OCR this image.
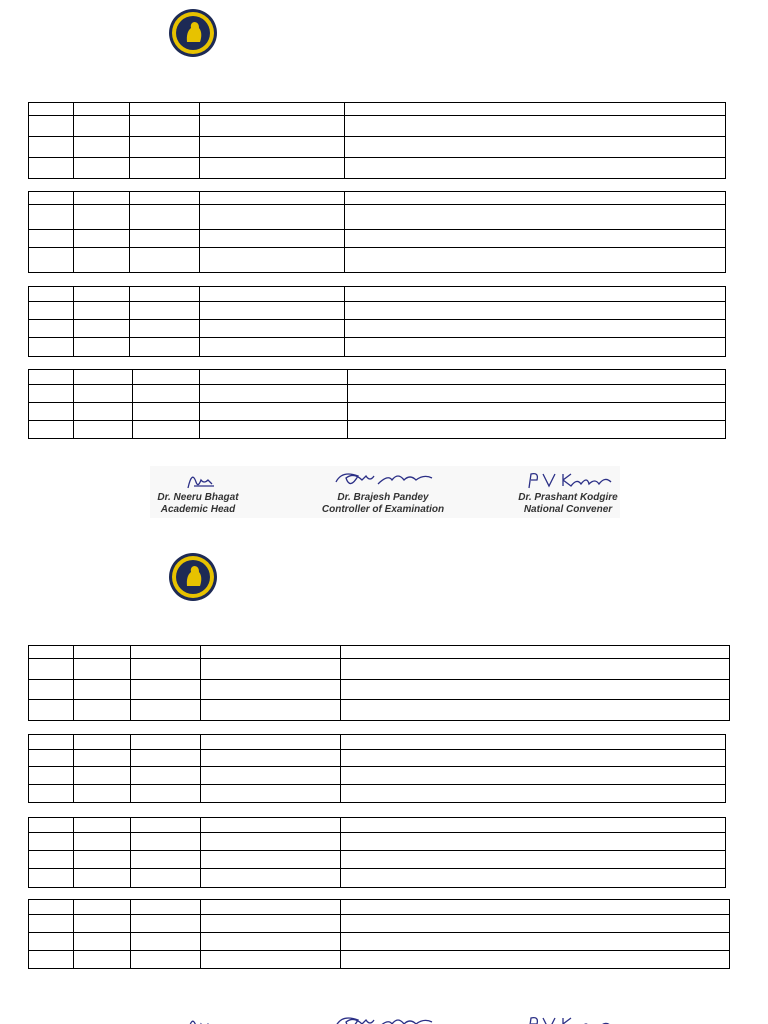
Dr. Neeru Bhagat
Academic Head
Dr. Brajesh Pandey
Controller of Examination
Dr. Prashant Kodgire
National Convener
